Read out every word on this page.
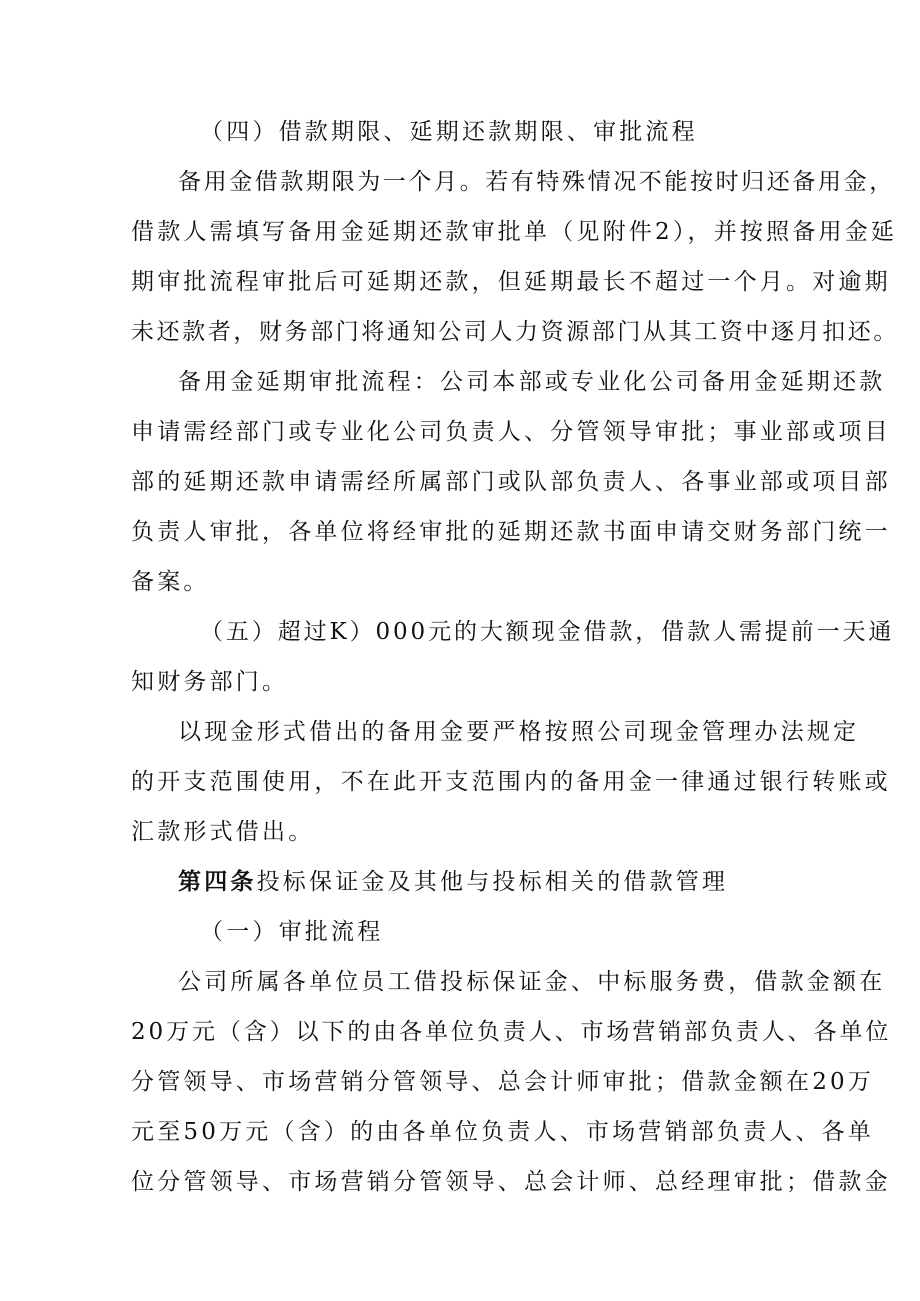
（四）借款期限、延期还款期限、审批流程
备用金借款期限为一个月。若有特殊情况不能按时归还备用金，
借款人需填写备用金延期还款审批单（见附件2），并按照备用金延
期审批流程审批后可延期还款，但延期最长不超过一个月。对逾期
未还款者，财务部门将通知公司人力资源部门从其工资中逐月扣还。
备用金延期审批流程：公司本部或专业化公司备用金延期还款
申请需经部门或专业化公司负责人、分管领导审批；事业部或项目
部的延期还款申请需经所属部门或队部负责人、各事业部或项目部
负责人审批，各单位将经审批的延期还款书面申请交财务部门统一
备案。
（五）超过K）000元的大额现金借款，借款人需提前一天通
知财务部门。
以现金形式借出的备用金要严格按照公司现金管理办法规定
的开支范围使用，不在此开支范围内的备用金一律通过银行转账或
汇款形式借出。
第四条投标保证金及其他与投标相关的借款管理
（一）审批流程
公司所属各单位员工借投标保证金、中标服务费，借款金额在
20万元（含）以下的由各单位负责人、市场营销部负责人、各单位
分管领导、市场营销分管领导、总会计师审批；借款金额在20万
元至50万元（含）的由各单位负责人、市场营销部负责人、各单
位分管领导、市场营销分管领导、总会计师、总经理审批；借款金
